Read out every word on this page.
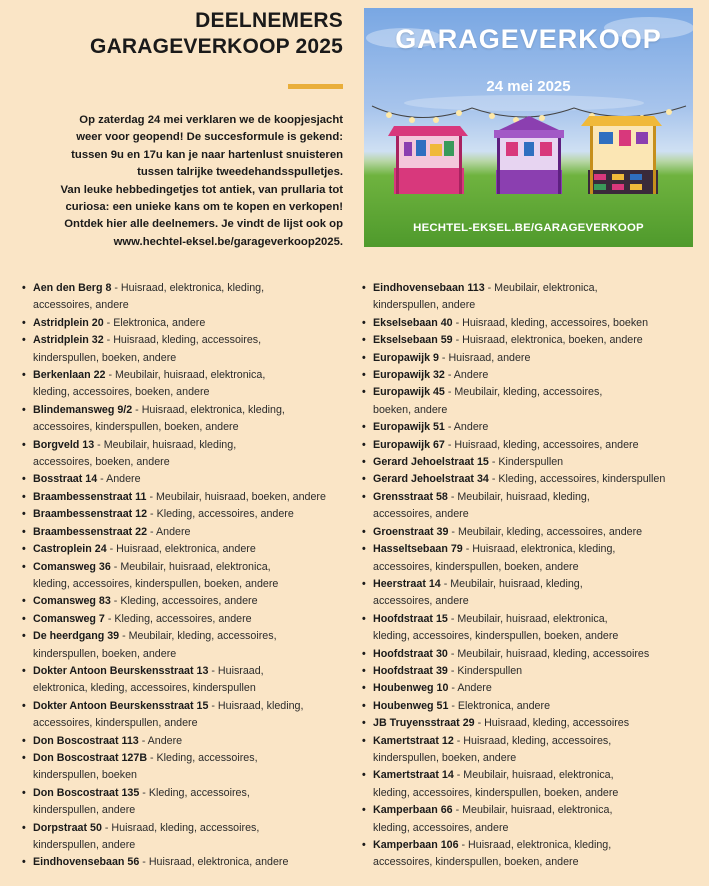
DEELNEMERS
GARAGEVERKOOP 2025
Op zaterdag 24 mei verklaren we de koopjesjacht
weer voor geopend! De succesformule is gekend:
tussen 9u en 17u kan je naar hartenlust snuisteren
tussen talrijke tweedehandsspulletjes.
Van leuke hebbedingetjes tot antiek, van prullaria tot
curiosa: een unieke kans om te kopen en verkopen!
Ontdek hier alle deelnemers. Je vindt de lijst ook op
www.hechtel-eksel.be/garageverkoop2025.
GARAGEVERKOOP
24 mei 2025
HECHTEL-EKSEL.BE/GARAGEVERKOOP
• Aen den Berg 8 - Huisraad, elektronica, kleding,
accessoires, andere
• Astridplein 20 - Elektronica, andere
• Astridplein 32 - Huisraad, kleding, accessoires,
kinderspullen, boeken, andere
• Berkenlaan 22 - Meubilair, huisraad, elektronica,
kleding, accessoires, boeken, andere
• Blindemansweg 9/2 - Huisraad, elektronica, kleding,
accessoires, kinderspullen, boeken, andere
• Borgveld 13 - Meubilair, huisraad, kleding,
accessoires, boeken, andere
• Bosstraat 14 - Andere
• Braambessenstraat 11 - Meubilair, huisraad, boeken, andere
• Braambessenstraat 12 - Kleding, accessoires, andere
• Braambessenstraat 22 - Andere
• Castroplein 24 - Huisraad, elektronica, andere
• Comansweg 36 - Meubilair, huisraad, elektronica,
kleding, accessoires, kinderspullen, boeken, andere
• Comansweg 83 - Kleding, accessoires, andere
• Comansweg 7 - Kleding, accessoires, andere
• De heerdgang 39 - Meubilair, kleding, accessoires,
kinderspullen, boeken, andere
• Dokter Antoon Beurskensstraat 13 - Huisraad,
elektronica, kleding, accessoires, kinderspullen
• Dokter Antoon Beurskensstraat 15 - Huisraad, kleding,
accessoires, kinderspullen, andere
• Don Boscostraat 113 - Andere
• Don Boscostraat 127B - Kleding, accessoires,
kinderspullen, boeken
• Don Boscostraat 135 - Kleding, accessoires,
kinderspullen, andere
• Dorpstraat 50 - Huisraad, kleding, accessoires,
kinderspullen, andere
• Eindhovensebaan 56 - Huisraad, elektronica, andere
• Eindhovensebaan 113 - Meubilair, elektronica,
kinderspullen, andere
• Ekselsebaan 40 - Huisraad, kleding, accessoires, boeken
• Ekselsebaan 59 - Huisraad, elektronica, boeken, andere
• Europawijk 9 - Huisraad, andere
• Europawijk 32 - Andere
• Europawijk 45 - Meubilair, kleding, accessoires,
boeken, andere
• Europawijk 51 - Andere
• Europawijk 67 - Huisraad, kleding, accessoires, andere
• Gerard Jehoelstraat 15 - Kinderspullen
• Gerard Jehoelstraat 34 - Kleding, accessoires, kinderspullen
• Grensstraat 58 - Meubilair, huisraad, kleding,
accessoires, andere
• Groenstraat 39 - Meubilair, kleding, accessoires, andere
• Hasseltsebaan 79 - Huisraad, elektronica, kleding,
accessoires, kinderspullen, boeken, andere
• Heerstraat 14 - Meubilair, huisraad, kleding,
accessoires, andere
• Hoofdstraat 15 - Meubilair, huisraad, elektronica,
kleding, accessoires, kinderspullen, boeken, andere
• Hoofdstraat 30 - Meubilair, huisraad, kleding, accessoires
• Hoofdstraat 39 - Kinderspullen
• Houbenweg 10 - Andere
• Houbenweg 51 - Elektronica, andere
• JB Truyensstraat 29 - Huisraad, kleding, accessoires
• Kamertstraat 12 - Huisraad, kleding, accessoires,
kinderspullen, boeken, andere
• Kamertstraat 14 - Meubilair, huisraad, elektronica,
kleding, accessoires, kinderspullen, boeken, andere
• Kamperbaan 66 - Meubilair, huisraad, elektronica,
kleding, accessoires, andere
• Kamperbaan 106 - Huisraad, elektronica, kleding,
accessoires, kinderspullen, boeken, andere
